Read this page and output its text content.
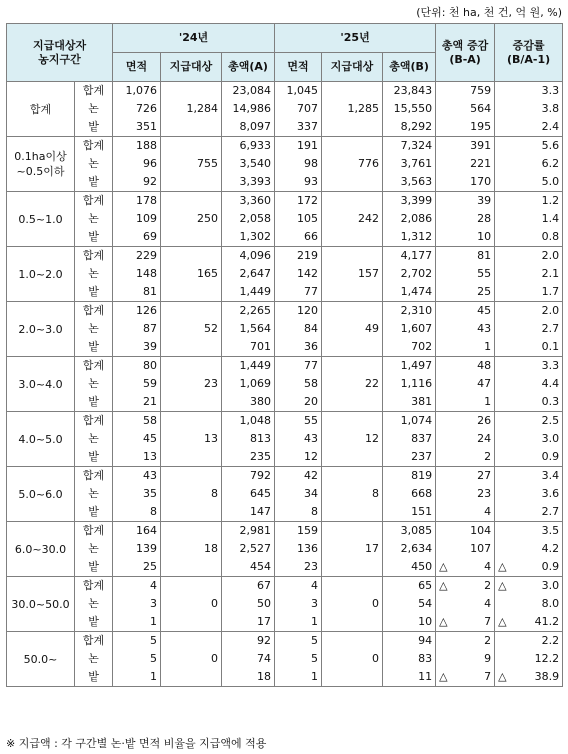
(단위: 천 ha, 천 건, 억 원, %)
지급대상자
농지구간		'24년			'25년			총액 증감
(B-A)	증감률
(B/A-1)
		면적	지급대상	총액(A)	면적	지급대상	총액(B)		
합계	합계	1,076	1,284	23,084	1,045	1,285	23,843	759	3.3
	논	726		14,986	707		15,550	564	3.8
	밭	351		8,097	337		8,292	195	2.4
0.1ha이상
~0.5이하	합계	188	755	6,933	191	776	7,324	391	5.6
	논	96		3,540	98		3,761	221	6.2
	밭	92		3,393	93		3,563	170	5.0
0.5~1.0	합계	178	250	3,360	172	242	3,399	39	1.2
	논	109		2,058	105		2,086	28	1.4
	밭	69		1,302	66		1,312	10	0.8
1.0~2.0	합계	229	165	4,096	219	157	4,177	81	2.0
	논	148		2,647	142		2,702	55	2.1
	밭	81		1,449	77		1,474	25	1.7
2.0~3.0	합계	126	52	2,265	120	49	2,310	45	2.0
	논	87		1,564	84		1,607	43	2.7
	밭	39		701	36		702	1	0.1
3.0~4.0	합계	80	23	1,449	77	22	1,497	48	3.3
	논	59		1,069	58		1,116	47	4.4
	밭	21		380	20		381	1	0.3
4.0~5.0	합계	58	13	1,048	55	12	1,074	26	2.5
	논	45		813	43		837	24	3.0
	밭	13		235	12		237	2	0.9
5.0~6.0	합계	43	8	792	42	8	819	27	3.4
	논	35		645	34		668	23	3.6
	밭	8		147	8		151	4	2.7
6.0~30.0	합계	164	18	2,981	159	17	3,085	104	3.5
	논	139		2,527	136		2,634	107	4.2
	밭	25		454	23		450	△ 4	△ 0.9

30.0~50.0	합계	4	0	67	4	0	65	△ 2	△ 3.0

	논	3		50	3		54	4	8.0
	밭	1		17	1		10	△ 7	△ 41.2

50.0~	합계	5	0	92	5	0	94	2	2.2
	논	5		74	5		83	9	12.2
	밭	1		18	1		11	△ 7	△ 38.9
※ 지급액 : 각 구간별 논·밭 면적 비율을 지급액에 적용
